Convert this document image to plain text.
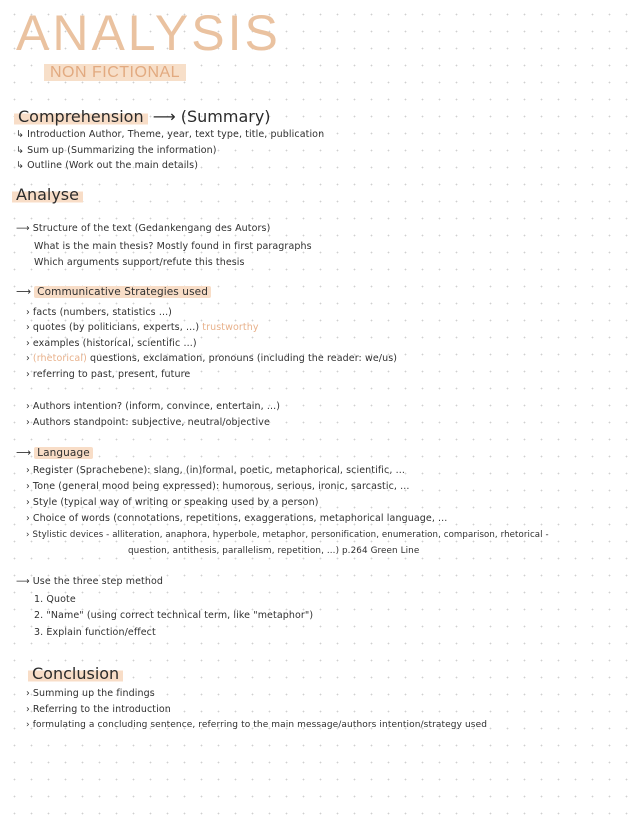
ANALYSIS
NON FICTIONAL
Comprehension ⟶ (Summary)
↳ Introduction Author, Theme, year, text type, title, publication
↳ Sum up (Summarizing the information)
↳ Outline (Work out the main details)
Analyse
⟶ Structure of the text (Gedankengang des Autors)
What is the main thesis? Mostly found in first paragraphs
Which arguments support/refute this thesis
⟶ Communicative Strategies used
› facts (numbers, statistics ...)
› quotes (by politicians, experts, ...) trustworthy
› examples (historical, scientific ...)
› (rhetorical) questions, exclamation, pronouns (including the reader: we/us)
› referring to past, present, future
› Authors intention? (inform, convince, entertain, ...)
› Authors standpoint: subjective, neutral/objective
⟶ Language
› Register (Sprachebene): slang, (in)formal, poetic, metaphorical, scientific, ...
› Tone (general mood being expressed): humorous, serious, ironic, sarcastic, ...
› Style (typical way of writing or speaking used by a person)
› Choice of words (connotations, repetitions, exaggerations, metaphorical language, ...
› Stylistic devices - alliteration, anaphora, hyperbole, metaphor, personification, enumeration, comparison, rhetorical -
question, antithesis, parallelism, repetition, ...) p.264 Green Line
⟶ Use the three step method
1. Quote
2. "Name" (using correct technical term, like "metaphor")
3. Explain function/effect
Conclusion
› Summing up the findings
› Referring to the introduction
› formulating a concluding sentence, referring to the main message/authors intention/strategy used
